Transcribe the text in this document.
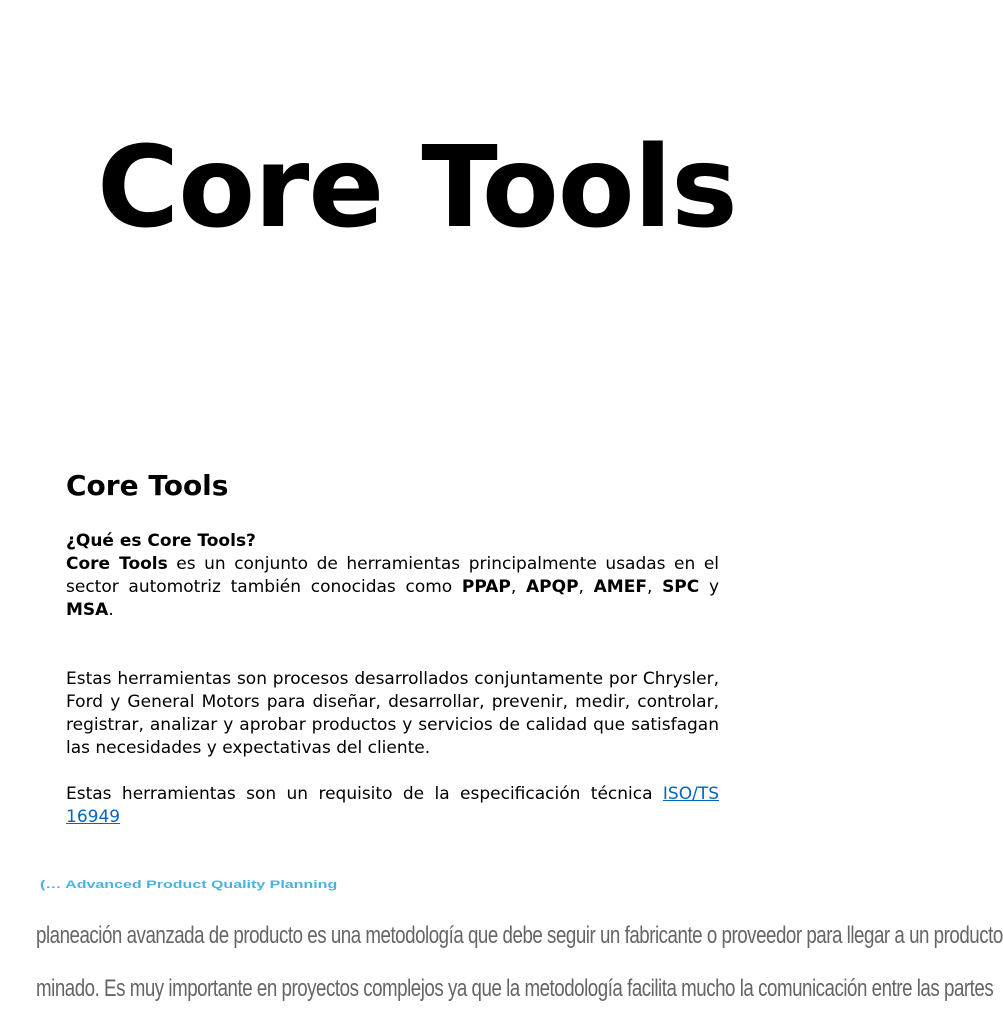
Core Tools
Core Tools

¿Qué es Core Tools?

Core Tools es un conjunto de herramientas principalmente usadas en el sector automotriz también conocidas como PPAP, APQP, AMEF, SPC y MSA.

Estas herramientas son procesos desarrollados conjuntamente por Chrysler, Ford y General Motors para diseñar, desarrollar, prevenir, medir, controlar, registrar, analizar y aprobar productos y servicios de calidad que satisfagan las necesidades y expectativas del cliente.

Estas herramientas son un requisito de la especificación técnica ISO/TS 16949

(… Advanced Product Quality Planning
planeación avanzada de producto es una metodología que debe seguir un fabricante o proveedor para llegar a un producto
minado. Es muy importante en proyectos complejos ya que la metodología facilita mucho la comunicación entre las partes
